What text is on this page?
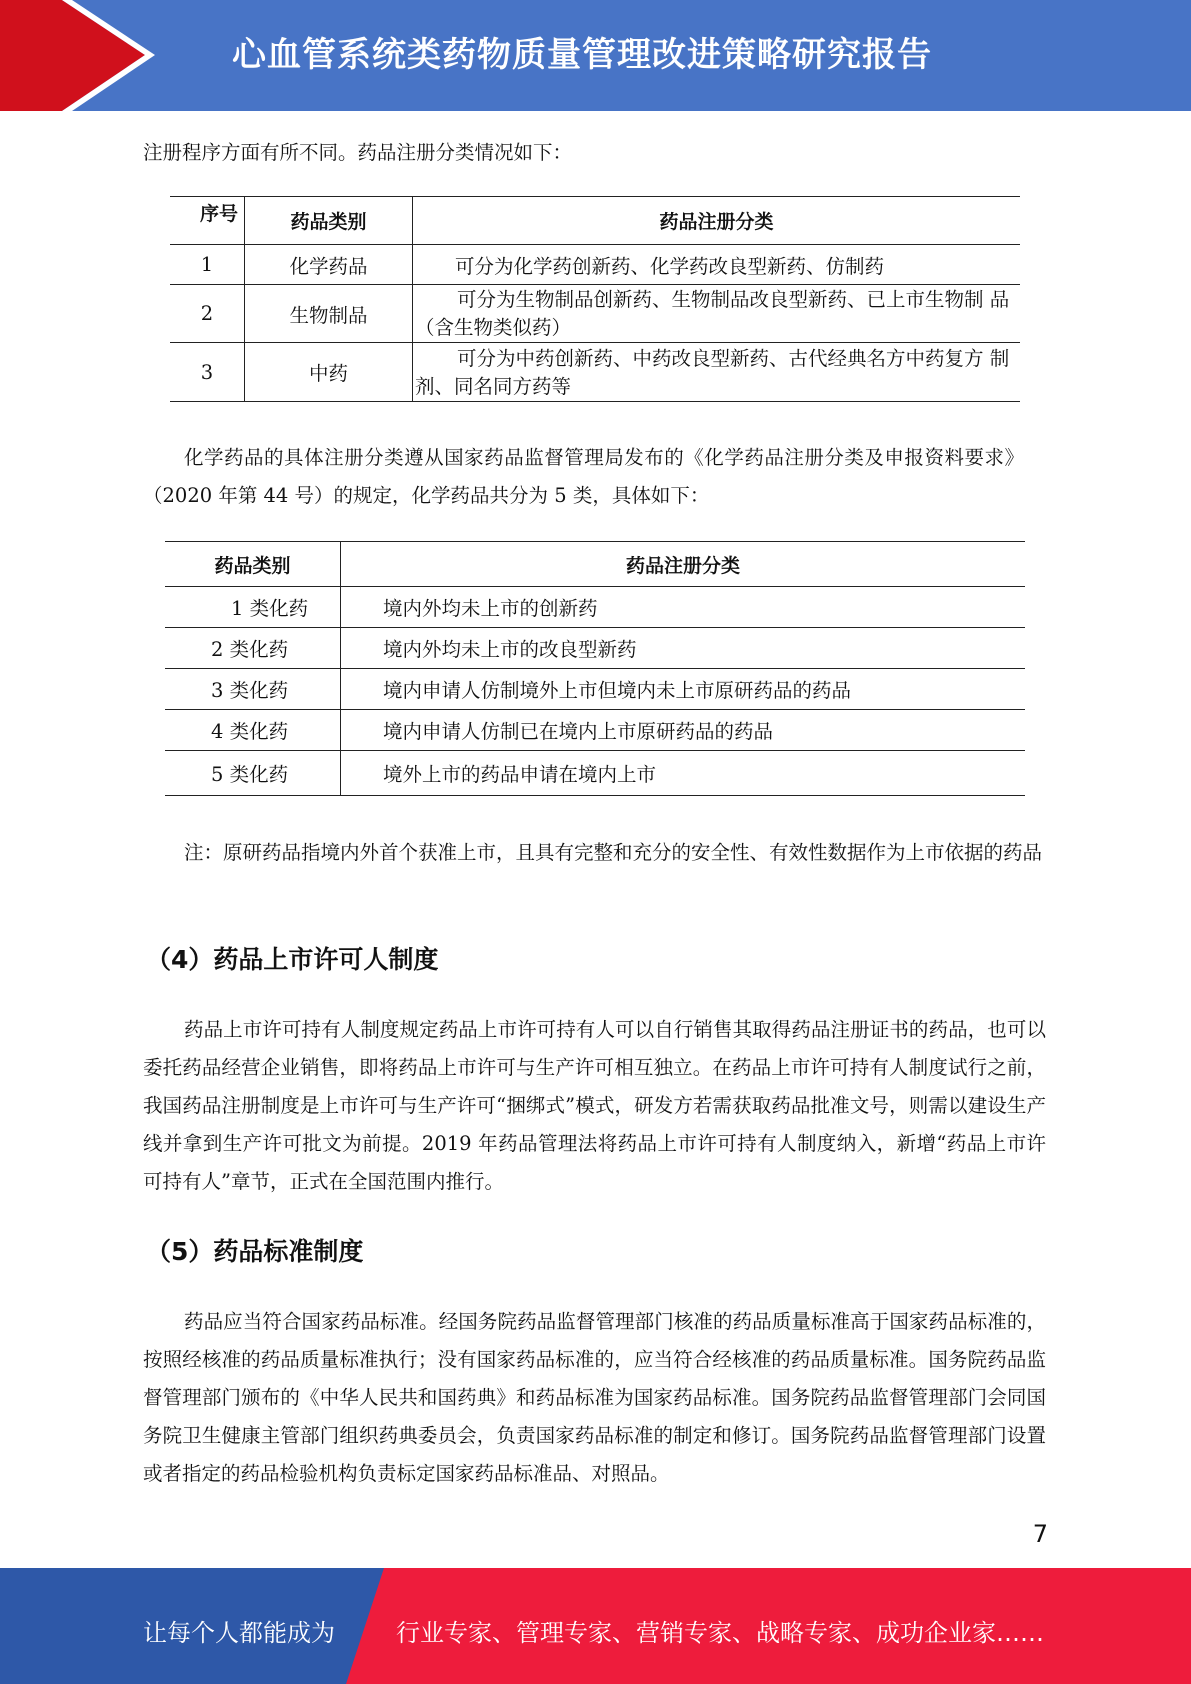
心血管系统类药物质量管理改进策略研究报告

注册程序方面有所不同。药品注册分类情况如下：

序号	药品类别	药品注册分类
1	化学药品	可分为化学药创新药、化学药改良型新药、仿制药
2	生物制品	可分为生物制品创新药、生物制品改良型新药、已上市生物制 品（含生物类似药）
3	中药	可分为中药创新药、中药改良型新药、古代经典名方中药复方 制剂、同名同方药等

化学药品的具体注册分类遵从国家药品监督管理局发布的《化学药品注册分类及申报资料要求》（2020 年第 44 号）的规定，化学药品共分为 5 类，具体如下：

药品类别	药品注册分类
1 类化药	境内外均未上市的创新药
2 类化药	境内外均未上市的改良型新药
3 类化药	境内申请人仿制境外上市但境内未上市原研药品的药品
4 类化药	境内申请人仿制已在境内上市原研药品的药品
5 类化药	境外上市的药品申请在境内上市

注：原研药品指境内外首个获准上市，且具有完整和充分的安全性、有效性数据作为上市依据的药品

（4）药品上市许可人制度

药品上市许可持有人制度规定药品上市许可持有人可以自行销售其取得药品注册证书的药品，也可以委托药品经营企业销售，即将药品上市许可与生产许可相互独立。在药品上市许可持有人制度试行之前，我国药品注册制度是上市许可与生产许可“捆绑式”模式，研发方若需获取药品批准文号，则需以建设生产线并拿到生产许可批文为前提。2019 年药品管理法将药品上市许可持有人制度纳入，新增“药品上市许可持有人”章节，正式在全国范围内推行。

（5）药品标准制度

药品应当符合国家药品标准。经国务院药品监督管理部门核准的药品质量标准高于国家药品标准的，按照经核准的药品质量标准执行；没有国家药品标准的，应当符合经核准的药品质量标准。国务院药品监督管理部门颁布的《中华人民共和国药典》和药品标准为国家药品标准。国务院药品监督管理部门会同国务院卫生健康主管部门组织药典委员会，负责国家药品标准的制定和修订。国务院药品监督管理部门设置或者指定的药品检验机构负责标定国家药品标准品、对照品。

7
让每个人都能成为	行业专家、管理专家、营销专家、战略专家、成功企业家……
